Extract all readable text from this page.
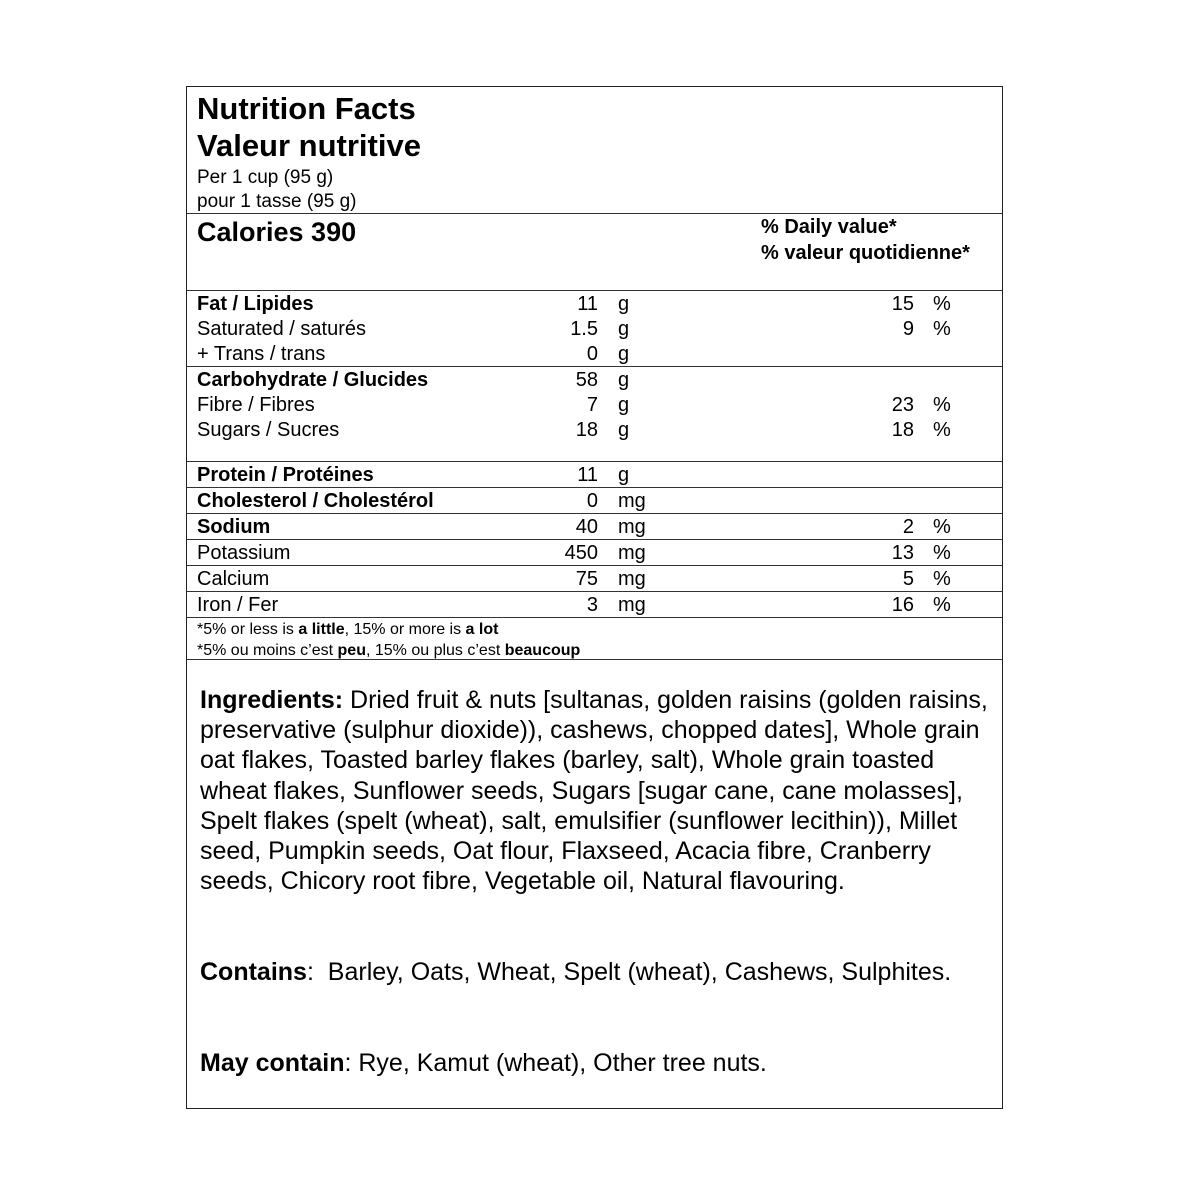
Nutrition Facts
Valeur nutritive
Per 1 cup (95 g)
pour 1 tasse (95 g)
Calories 390	% Daily value*
% valeur quotidienne*
Fat / Lipides	11 g	15 %
Saturated / saturés	1.5 g	9 %
+ Trans / trans	0 g
Carbohydrate / Glucides	58 g
Fibre / Fibres	7 g	23 %
Sugars / Sucres	18 g	18 %
Protein / Protéines	11 g
Cholesterol / Cholestérol	0 mg
Sodium	40 mg	2 %
Potassium	450 mg	13 %
Calcium	75 mg	5 %
Iron / Fer	3 mg	16 %
*5% or less is a little, 15% or more is a lot
*5% ou moins c’est peu, 15% ou plus c’est beaucoup
Ingredients: Dried fruit & nuts [sultanas, golden raisins (golden raisins, preservative (sulphur dioxide)), cashews, chopped dates], Whole grain oat flakes, Toasted barley flakes (barley, salt), Whole grain toasted wheat flakes, Sunflower seeds, Sugars [sugar cane, cane molasses], Spelt flakes (spelt (wheat), salt, emulsifier (sunflower lecithin)), Millet seed, Pumpkin seeds, Oat flour, Flaxseed, Acacia fibre, Cranberry seeds, Chicory root fibre, Vegetable oil, Natural flavouring.
Contains:  Barley, Oats, Wheat, Spelt (wheat), Cashews, Sulphites.
May contain: Rye, Kamut (wheat), Other tree nuts.
